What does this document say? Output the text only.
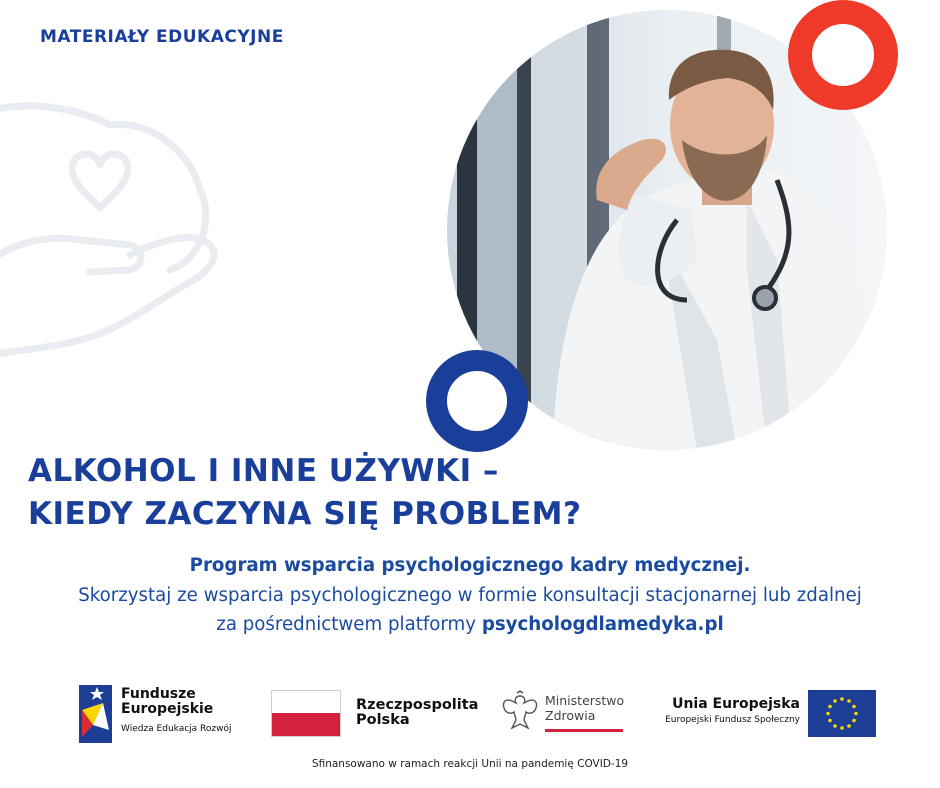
MATERIAŁY EDUKACYJNE
ALKOHOL I INNE UŻYWKI –
KIEDY ZACZYNA SIĘ PROBLEM?
Program wsparcia psychologicznego kadry medycznej.
Skorzystaj ze wsparcia psychologicznego w formie konsultacji stacjonarnej lub zdalnej
za pośrednictwem platformy psychologdlamedyka.pl
Fundusze
Europejskie
Wiedza Edukacja Rozwój
Rzeczpospolita
Polska
Ministerstwo
Zdrowia
Unia Europejska
Europejski Fundusz Społeczny
Sfinansowano w ramach reakcji Unii na pandemię COVID-19
